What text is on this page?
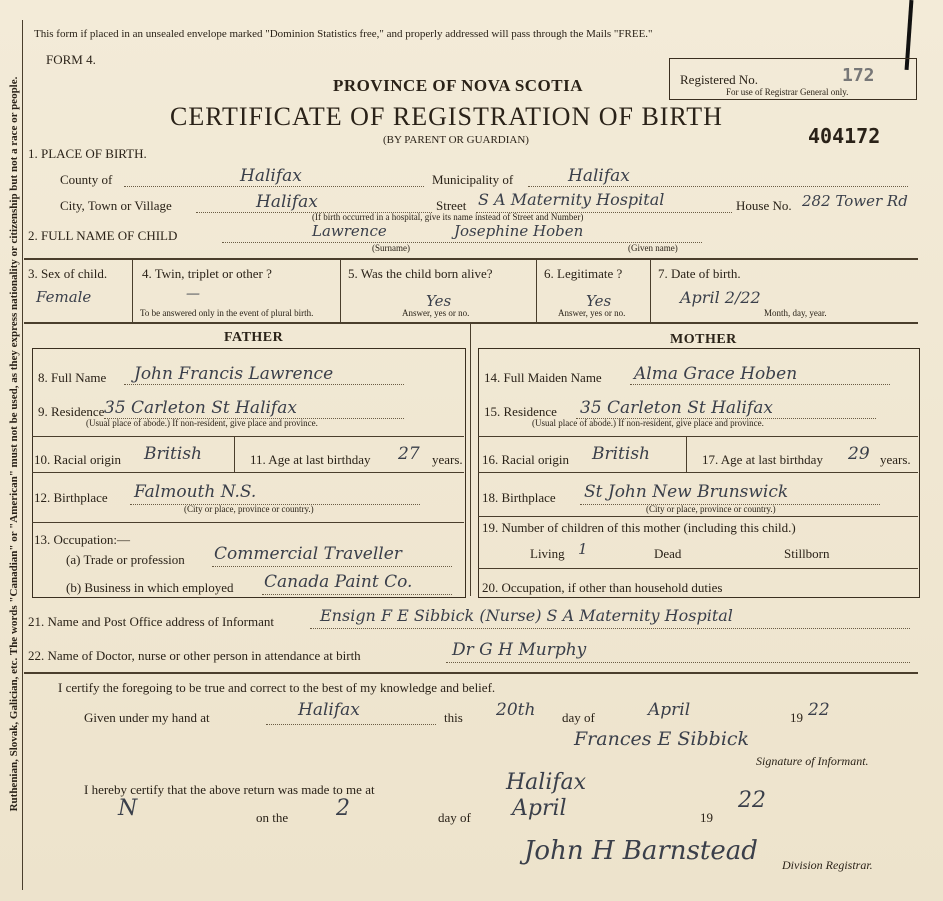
Ruthenian, Slovak, Galician, etc. The words "Canadian" or "American" must not be used, as they express nationality or citizenship but not a race or people.
This form if placed in an unsealed envelope marked "Dominion Statistics free," and properly addressed will pass through the Mails "FREE."
FORM 4.
PROVINCE OF NOVA SCOTIA
CERTIFICATE OF REGISTRATION OF BIRTH
(BY PARENT OR GUARDIAN)
Registered No.	172
For use of Registrar General only.
404172
1. PLACE OF BIRTH.
County of	Halifax	Municipality of	Halifax
City, Town or Village	Halifax	Street S A Maternity Hospital	House No. 282 Tower Rd
(If birth occurred in a hospital, give its name instead of Street and Number)
2. FULL NAME OF CHILD	Lawrence	Josephine Hoben
(Surname)	(Given name)
3. Sex of child.
Female
4. Twin, triplet or other ?
—
To be answered only in the event of plural birth.
5. Was the child born alive?
Yes
Answer, yes or no.
6. Legitimate ?
Yes
Answer, yes or no.
7. Date of birth.
April 2/22
Month, day, year.
FATHER	MOTHER
8. Full Name John Francis Lawrence
9. Residence 35 Carleton St Halifax
(Usual place of abode.) If non-resident, give place and province.
10. Racial origin British	11. Age at last birthday 27 years.
12. Birthplace Falmouth N.S.
(City or place, province or country.)
13. Occupation:—
(a) Trade or profession Commercial Traveller
(b) Business in which employed Canada Paint Co.
14. Full Maiden Name Alma Grace Hoben
15. Residence 35 Carleton St Halifax
(Usual place of abode.) If non-resident, give place and province.
16. Racial origin British	17. Age at last birthday 29 years.
18. Birthplace St John New Brunswick
(City or place, province or country.)
19. Number of children of this mother (including this child.)
Living 1	Dead	Stillborn
20. Occupation, if other than household duties
21. Name and Post Office address of Informant	Ensign F E Sibbick (Nurse) S A Maternity Hospital
22. Name of Doctor, nurse or other person in attendance at birth	Dr G H Murphy
I certify the foregoing to be true and correct to the best of my knowledge and belief.
Given under my hand at	Halifax	this 20th day of	April	19 22
Frances E Sibbick
Signature of Informant.
I hereby certify that the above return was made to me at	Halifax
N	on the 2	day of April	19
22
John H Barnstead Division Registrar.
